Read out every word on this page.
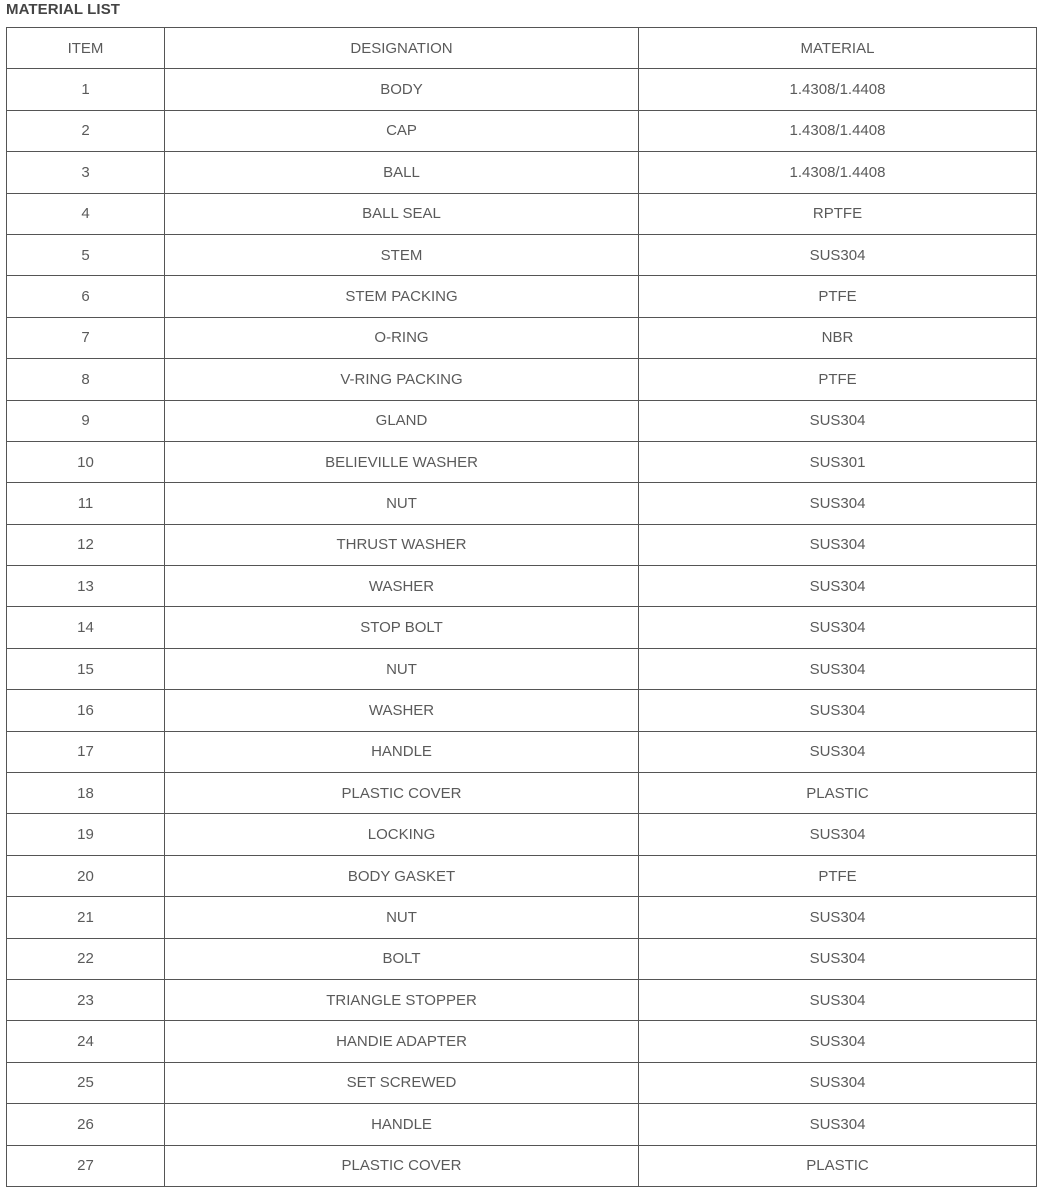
MATERIAL LIST
ITEM	DESIGNATION	MATERIAL
1	BODY	1.4308/1.4408
2	CAP	1.4308/1.4408
3	BALL	1.4308/1.4408
4	BALL SEAL	RPTFE
5	STEM	SUS304
6	STEM PACKING	PTFE
7	O-RING	NBR
8	V-RING PACKING	PTFE
9	GLAND	SUS304
10	BELIEVILLE WASHER	SUS301
11	NUT	SUS304
12	THRUST WASHER	SUS304
13	WASHER	SUS304
14	STOP BOLT	SUS304
15	NUT	SUS304
16	WASHER	SUS304
17	HANDLE	SUS304
18	PLASTIC COVER	PLASTIC
19	LOCKING	SUS304
20	BODY GASKET	PTFE
21	NUT	SUS304
22	BOLT	SUS304
23	TRIANGLE STOPPER	SUS304
24	HANDIE ADAPTER	SUS304
25	SET SCREWED	SUS304
26	HANDLE	SUS304
27	PLASTIC COVER	PLASTIC
